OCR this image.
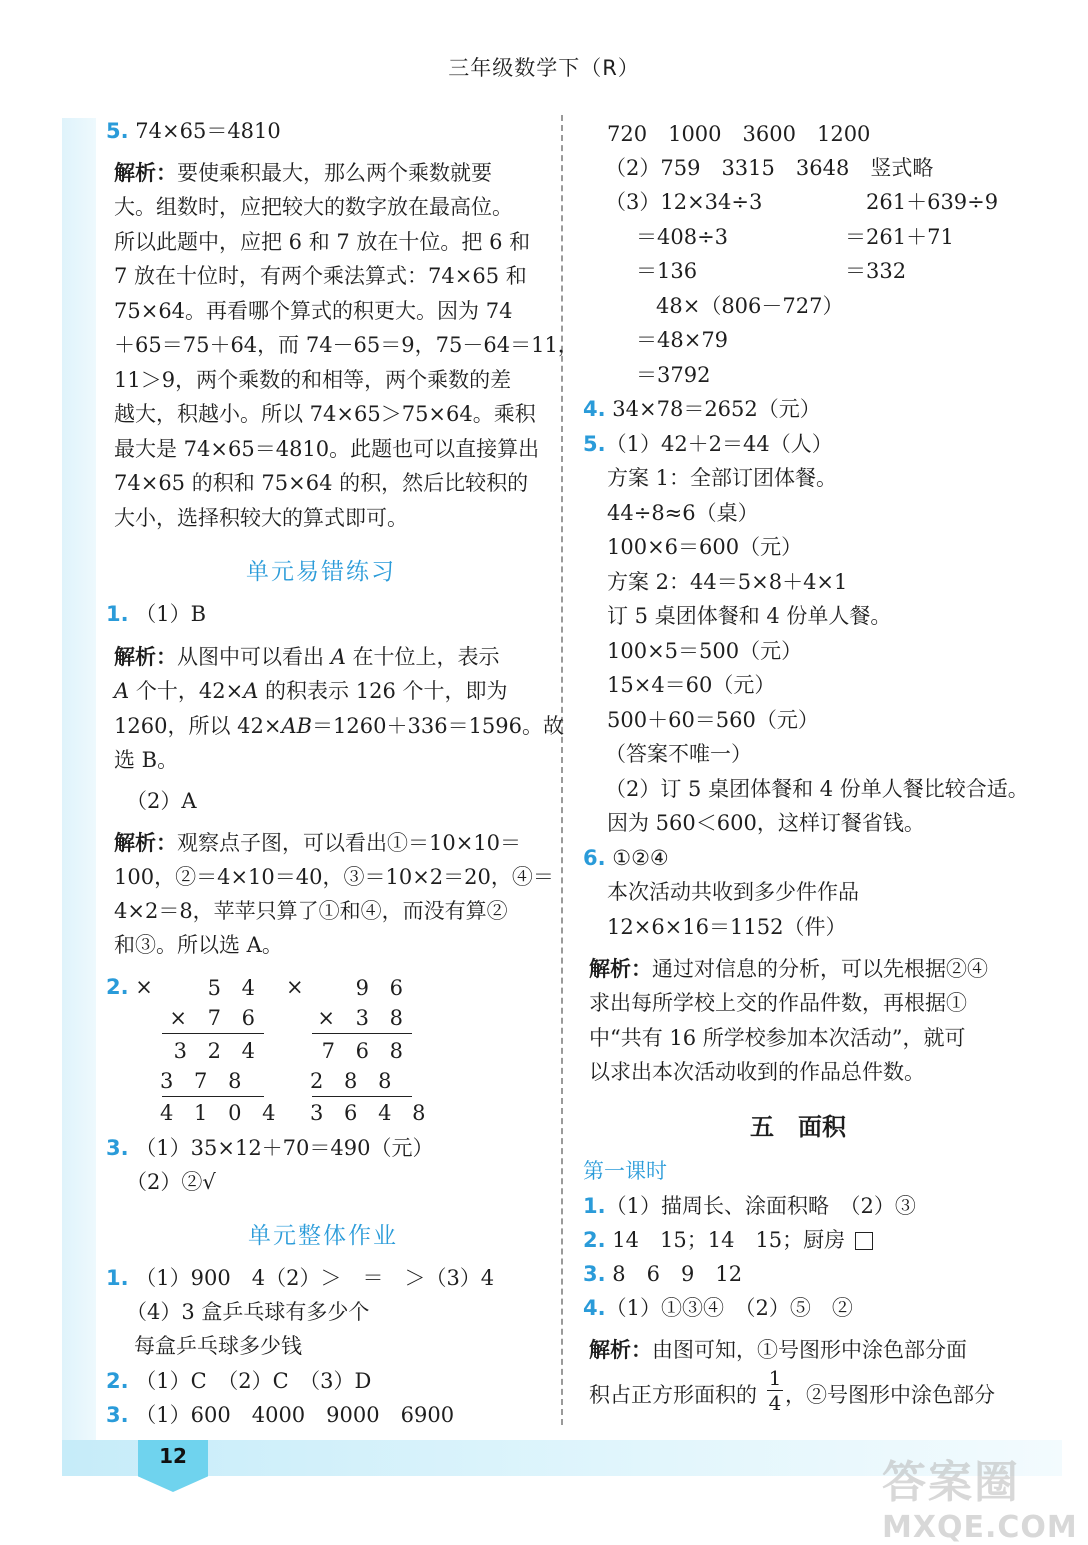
12
答案圈
MXQE.COM
三年级数学下（R）
5. 74×65＝4810
解析：要使乘积最大，那么两个乘数就要
大。组数时，应把较大的数字放在最高位。
所以此题中，应把 6 和 7 放在十位。把 6 和
7 放在十位时，有两个乘法算式：74×65 和
75×64。再看哪个算式的积更大。因为 74
＋65＝75＋64，而 74－65＝9，75－64＝11，
11＞9，两个乘数的和相等，两个乘数的差
越大，积越小。所以 74×65＞75×64。乘积
最大是 74×65＝4810。此题也可以直接算出
74×65 的积和 75×64 的积，然后比较积的
大小，选择积较大的算式即可。
单元易错练习
1. （1）B
解析：从图中可以看出 A 在十位上，表示
A 个十，42×A 的积表示 126 个十，即为
1260，所以 42×AB＝1260＋336＝1596。故
选 B。
（2）A
解析：观察点子图，可以看出①＝10×10＝
100，②＝4×10＝40，③＝10×2＝20，④＝
4×2＝8，苹苹只算了①和④，而没有算②
和③。所以选 A。
2. ×	×
5 4
× 7 6
3 2 4
3 7 8
4 1 0 4
9 6
× 3 8
7 6 8
2 8 8
3 6 4 8
3. （1）35×12＋70＝490（元）
（2）②√
单元整体作业
1. （1）900　4（2）＞　＝　＞（3）4
（4）3 盒乒乓球有多少个
每盒乒乓球多少钱
2. （1）C　（2）C　（3）D
3. （1）600　4000　9000　6900
720　1000　3600　1200
（2）759　3315　3648　竖式略
（3）12×34÷3	261＋639÷9
＝408÷3	＝261＋71
＝136	＝332
48×（806－727）
＝48×79
＝3792
4. 34×78＝2652（元）
5.（1）42＋2＝44（人）
方案 1：全部订团体餐。
44÷8≈6（桌）
100×6＝600（元）
方案 2：44＝5×8＋4×1
订 5 桌团体餐和 4 份单人餐。
100×5＝500（元）
15×4＝60（元）
500＋60＝560（元）
（答案不唯一）
（2）订 5 桌团体餐和 4 份单人餐比较合适。
因为 560＜600，这样订餐省钱。
6. ①②④
本次活动共收到多少件作品
12×6×16＝1152（件）
解析：通过对信息的分析，可以先根据②④
求出每所学校上交的作品件数，再根据①
中“共有 16 所学校参加本次活动”，就可
以求出本次活动收到的作品总件数。
五　面积
第一课时
1.（1）描周长、涂面积略　（2）③
2. 14　15；14　15；厨房
3. 8　6　9　12
4.（1）①③④　（2）⑤　②
解析：由图可知，①号图形中涂色部分面
积占正方形面积的
1
4 ，②号图形中涂色部分
